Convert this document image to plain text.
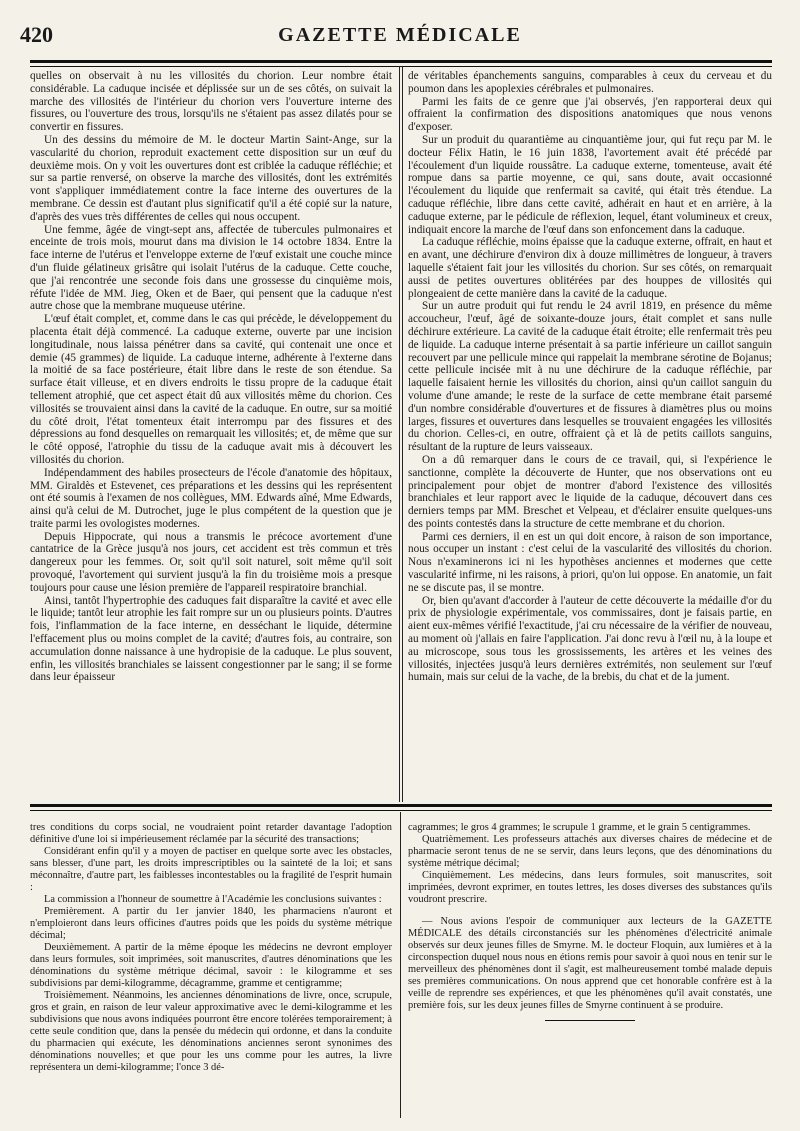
420	GAZETTE MÉDICALE

quelles on observait à nu les villosités du chorion. Leur nombre était considérable. La caduque incisée et déplissée sur un de ses côtés, on suivait la marche des villosités de l'intérieur du chorion vers l'ouverture interne des fissures, ou l'ouverture des trous, lorsqu'ils ne s'étaient pas assez dilatés pour se convertir en fissures.

Un des dessins du mémoire de M. le docteur Martin Saint-Ange, sur la vascularité du chorion, reproduit exactement cette disposition sur un œuf du deuxième mois. On y voit les ouvertures dont est criblée la caduque réfléchie; et sur sa partie renversé, on observe la marche des villosités, dont les extrémités vont s'appliquer immédiatement contre la face interne des ouvertures de la membrane. Ce dessin est d'autant plus significatif qu'il a été copié sur la nature, d'après des vues très différentes de celles qui nous occupent.

Une femme, âgée de vingt-sept ans, affectée de tubercules pulmonaires et enceinte de trois mois, mourut dans ma division le 14 octobre 1834. Entre la face interne de l'utérus et l'enveloppe externe de l'œuf existait une couche mince d'un fluide gélatineux grisâtre qui isolait l'utérus de la caduque. Cette couche, que j'ai rencontrée une seconde fois dans une grossesse du cinquième mois, réfute l'idée de MM. Jieg, Oken et de Baer, qui pensent que la caduque n'est autre chose que la membrane muqueuse utérine.

L'œuf était complet, et, comme dans le cas qui précède, le développement du placenta était déjà commencé. La caduque externe, ouverte par une incision longitudinale, nous laissa pénétrer dans sa cavité, qui contenait une once et demie (45 grammes) de liquide. La caduque interne, adhérente à l'externe dans la moitié de sa face postérieure, était libre dans le reste de son étendue. Sa surface était villeuse, et en divers endroits le tissu propre de la caduque était tellement atrophié, que cet aspect était dû aux villosités même du chorion. Ces villosités se trouvaient ainsi dans la cavité de la caduque. En outre, sur sa moitié du côté droit, l'état tomenteux était interrompu par des fissures et des dépressions au fond desquelles on remarquait les villosités; et, de même que sur le côté opposé, l'atrophie du tissu de la caduque avait mis à découvert les villosités du chorion.

Indépendamment des habiles prosecteurs de l'école d'anatomie des hôpitaux, MM. Giraldès et Estevenet, ces préparations et les dessins qui les représentent ont été soumis à l'examen de nos collègues, MM. Edwards aîné, Mme Edwards, ainsi qu'à celui de M. Dutrochet, juge le plus compétent de la question que je traite parmi les ovologistes modernes.

Depuis Hippocrate, qui nous a transmis le précoce avortement d'une cantatrice de la Grèce jusqu'à nos jours, cet accident est très commun et très dangereux pour les femmes. Or, soit qu'il soit naturel, soit même qu'il soit provoqué, l'avortement qui survient jusqu'à la fin du troisième mois a presque toujours pour cause une lésion première de l'appareil respiratoire branchial.

Ainsi, tantôt l'hypertrophie des caduques fait disparaître la cavité et avec elle le liquide; tantôt leur atrophie les fait rompre sur un ou plusieurs points. D'autres fois, l'inflammation de la face interne, en desséchant le liquide, détermine l'effacement plus ou moins complet de la cavité; d'autres fois, au contraire, son accumulation donne naissance à une hydropisie de la caduque. Le plus souvent, enfin, les villosités branchiales se laissent congestionner par le sang; il se forme dans leur épaisseur

de véritables épanchements sanguins, comparables à ceux du cerveau et du poumon dans les apoplexies cérébrales et pulmonaires.

Parmi les faits de ce genre que j'ai observés, j'en rapporterai deux qui offraient la confirmation des dispositions anatomiques que nous venons d'exposer.

Sur un produit du quarantième au cinquantième jour, qui fut reçu par M. le docteur Félix Hatin, le 16 juin 1838, l'avortement avait été précédé par l'écoulement d'un liquide roussâtre. La caduque externe, tomenteuse, avait été rompue dans sa partie moyenne, ce qui, sans doute, avait occasionné l'écoulement du liquide que renfermait sa cavité, qui était très étendue. La caduque réfléchie, libre dans cette cavité, adhérait en haut et en arrière, à la caduque externe, par le pédicule de réflexion, lequel, étant volumineux et creux, indiquait encore la marche de l'œuf dans son enfoncement dans la caduque.

La caduque réfléchie, moins épaisse que la caduque externe, offrait, en haut et en avant, une déchirure d'environ dix à douze millimètres de longueur, à travers laquelle s'étaient fait jour les villosités du chorion. Sur ses côtés, on remarquait aussi de petites ouvertures oblitérées par des houppes de villosités qui plongeaient de cette manière dans la cavité de la caduque.

Sur un autre produit qui fut rendu le 24 avril 1819, en présence du même accoucheur, l'œuf, âgé de soixante-douze jours, était complet et sans nulle déchirure extérieure. La cavité de la caduque était étroite; elle renfermait très peu de liquide. La caduque interne présentait à sa partie inférieure un caillot sanguin recouvert par une pellicule mince qui rappelait la membrane sérotine de Bojanus; cette pellicule incisée mit à nu une déchirure de la caduque réfléchie, par laquelle faisaient hernie les villosités du chorion, ainsi qu'un caillot sanguin du volume d'une amande; le reste de la surface de cette membrane était parsemé d'un nombre considérable d'ouvertures et de fissures à diamètres plus ou moins larges, fissures et ouvertures dans lesquelles se trouvaient engagées les villosités du chorion. Celles-ci, en outre, offraient çà et là de petits caillots sanguins, résultant de la rupture de leurs vaisseaux.

On a dû remarquer dans le cours de ce travail, qui, si l'expérience le sanctionne, complète la découverte de Hunter, que nos observations ont eu principalement pour objet de montrer d'abord l'existence des villosités branchiales et leur rapport avec le liquide de la caduque, découvert dans ces derniers temps par MM. Breschet et Velpeau, et d'éclairer ensuite quelques-uns des points contestés dans la structure de cette membrane et du chorion.

Parmi ces derniers, il en est un qui doit encore, à raison de son importance, nous occuper un instant : c'est celui de la vascularité des villosités du chorion. Nous n'examinerons ici ni les hypothèses anciennes et modernes que cette vascularité infirme, ni les raisons, à priori, qu'on lui oppose. En anatomie, un fait ne se discute pas, il se montre.

Or, bien qu'avant d'accorder à l'auteur de cette découverte la médaille d'or du prix de physiologie expérimentale, vos commissaires, dont je faisais partie, en aient eux-mêmes vérifié l'exactitude, j'ai cru nécessaire de la vérifier de nouveau, au moment où j'allais en faire l'application. J'ai donc revu à l'œil nu, à la loupe et au microscope, sous tous les grossissements, les artères et les veines des villosités, injectées jusqu'à leurs dernières extrémités, non seulement sur l'œuf humain, mais sur celui de la vache, de la brebis, du chat et de la jument.

tres conditions du corps social, ne voudraient point retarder davantage l'adoption définitive d'une loi si impérieusement réclamée par la sécurité des transactions;

Considérant enfin qu'il y a moyen de pactiser en quelque sorte avec les obstacles, sans blesser, d'une part, les droits imprescriptibles ou la sainteté de la loi; et sans méconnaître, d'autre part, les faiblesses incontestables ou la fragilité de l'esprit humain :

La commission a l'honneur de soumettre à l'Académie les conclusions suivantes :

Premièrement. A partir du 1er janvier 1840, les pharmaciens n'auront et n'emploieront dans leurs officines d'autres poids que les poids du système métrique décimal;

Deuxièmement. A partir de la même époque les médecins ne devront employer dans leurs formules, soit imprimées, soit manuscrites, d'autres dénominations que les dénominations du système métrique décimal, savoir : le kilogramme et ses subdivisions par demi-kilogramme, décagramme, gramme et centigramme;

Troisièmement. Néanmoins, les anciennes dénominations de livre, once, scrupule, gros et grain, en raison de leur valeur approximative avec le demi-kilogramme et les subdivisions que nous avons indiquées pourront être encore tolérées temporairement; à cette seule condition que, dans la pensée du médecin qui ordonne, et dans la conduite du pharmacien qui exécute, les dénominations anciennes seront synonimes des dénominations nouvelles; et que pour les uns comme pour les autres, la livre représentera un demi-kilogramme; l'once 3 dé-

cagrammes; le gros 4 grammes; le scrupule 1 gramme, et le grain 5 centigrammes.

Quatrièmement. Les professeurs attachés aux diverses chaires de médecine et de pharmacie seront tenus de ne se servir, dans leurs leçons, que des dénominations du système métrique décimal;

Cinquièmement. Les médecins, dans leurs formules, soit manuscrites, soit imprimées, devront exprimer, en toutes lettres, les doses diverses des substances qu'ils voudront prescrire.

— Nous avions l'espoir de communiquer aux lecteurs de la GAZETTE MÉDICALE des détails circonstanciés sur les phénomènes d'électricité animale observés sur deux jeunes filles de Smyrne. M. le docteur Floquin, aux lumières et à la circonspection duquel nous nous en étions remis pour savoir à quoi nous en tenir sur le merveilleux des phénomènes dont il s'agit, est malheureusement tombé malade depuis ses premières communications. On nous apprend que cet honorable confrère est à la veille de reprendre ses expériences, et que les phénomènes qu'il avait constatés, une première fois, sur les deux jeunes filles de Smyrne continuent à se produire.
